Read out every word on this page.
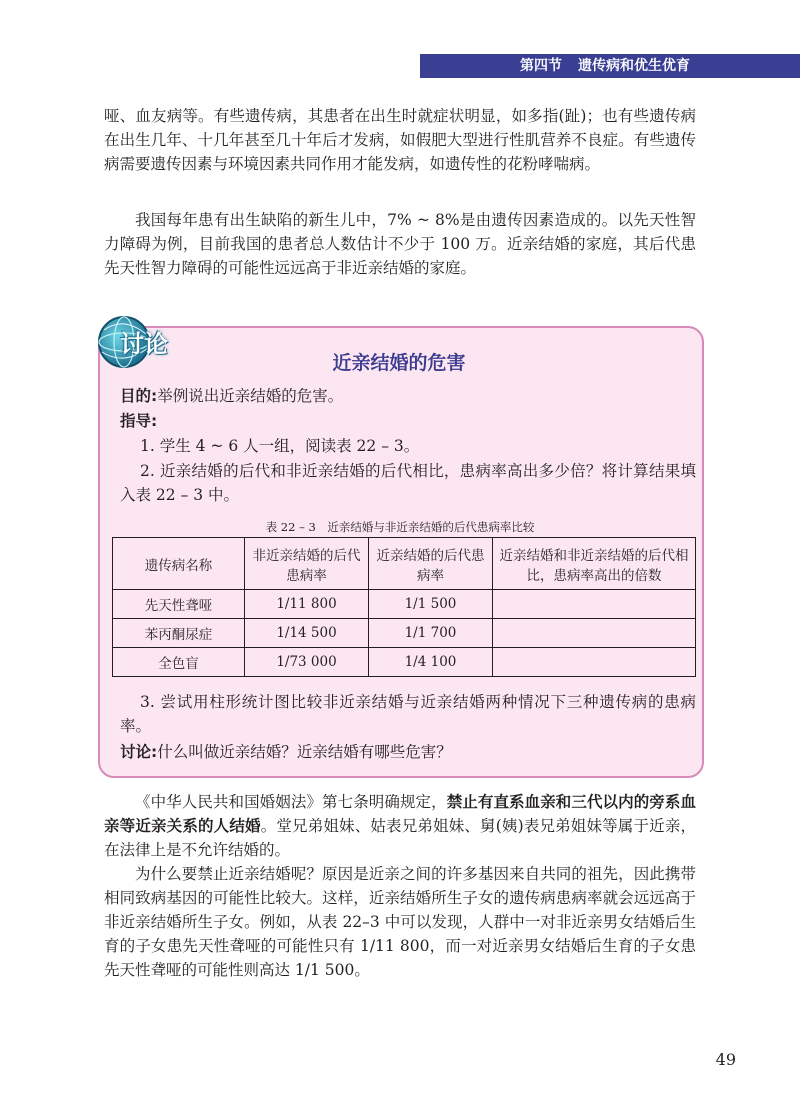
第四节 遗传病和优生优育

哑、血友病等。有些遗传病，其患者在出生时就症状明显，如多指(趾)；也有些遗传病在出生几年、十几年甚至几十年后才发病，如假肥大型进行性肌营养不良症。有些遗传病需要遗传因素与环境因素共同作用才能发病，如遗传性的花粉哮喘病。

我国每年患有出生缺陷的新生儿中，7% ~ 8%是由遗传因素造成的。以先天性智力障碍为例，目前我国的患者总人数估计不少于 100 万。近亲结婚的家庭，其后代患先天性智力障碍的可能性远远高于非近亲结婚的家庭。

讨论

近亲结婚的危害

目的:举例说出近亲结婚的危害。

指导:

1. 学生 4 ~ 6 人一组，阅读表 22 – 3。

2. 近亲结婚的后代和非近亲结婚的后代相比，患病率高出多少倍？将计算结果填入表 22 – 3 中。

表 22 – 3　近亲结婚与非近亲结婚的后代患病率比较

遗传病名称	非近亲结婚的后代患病率	近亲结婚的后代患病率	近亲结婚和非近亲结婚的后代相比，患病率高出的倍数
先天性聋哑	1/11 800	1/1 500	
苯丙酮尿症	1/14 500	1/1 700	
全色盲	1/73 000	1/4 100	

3. 尝试用柱形统计图比较非近亲结婚与近亲结婚两种情况下三种遗传病的患病率。

讨论:什么叫做近亲结婚？近亲结婚有哪些危害？

《中华人民共和国婚姻法》第七条明确规定，禁止有直系血亲和三代以内的旁系血亲等近亲关系的人结婚。堂兄弟姐妹、姑表兄弟姐妹、舅(姨)表兄弟姐妹等属于近亲，在法律上是不允许结婚的。

为什么要禁止近亲结婚呢？原因是近亲之间的许多基因来自共同的祖先，因此携带相同致病基因的可能性比较大。这样，近亲结婚所生子女的遗传病患病率就会远远高于非近亲结婚所生子女。例如，从表 22–3 中可以发现，人群中一对非近亲男女结婚后生育的子女患先天性聋哑的可能性只有 1/11 800，而一对近亲男女结婚后生育的子女患先天性聋哑的可能性则高达 1/1 500。

49
